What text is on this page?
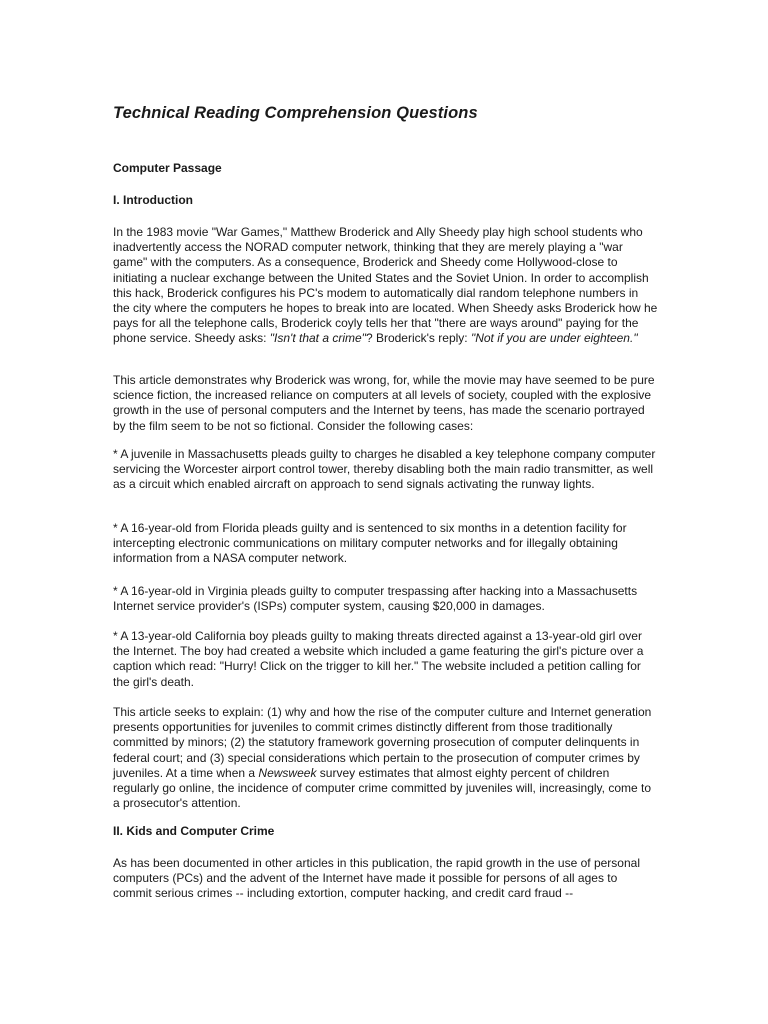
Technical Reading Comprehension Questions
Computer Passage
I. Introduction

In the 1983 movie "War Games," Matthew Broderick and Ally Sheedy play high school students who inadvertently access the NORAD computer network, thinking that they are merely playing a "war game" with the computers. As a consequence, Broderick and Sheedy come Hollywood-close to initiating a nuclear exchange between the United States and the Soviet Union. In order to accomplish this hack, Broderick configures his PC's modem to automatically dial random telephone numbers in the city where the computers he hopes to break into are located. When Sheedy asks Broderick how he pays for all the telephone calls, Broderick coyly tells her that "there are ways around" paying for the phone service. Sheedy asks: "Isn't that a crime"? Broderick's reply: "Not if you are under eighteen."

This article demonstrates why Broderick was wrong, for, while the movie may have seemed to be pure science fiction, the increased reliance on computers at all levels of society, coupled with the explosive growth in the use of personal computers and the Internet by teens, has made the scenario portrayed by the film seem to be not so fictional. Consider the following cases:

* A juvenile in Massachusetts pleads guilty to charges he disabled a key telephone company computer servicing the Worcester airport control tower, thereby disabling both the main radio transmitter, as well as a circuit which enabled aircraft on approach to send signals activating the runway lights.

* A 16-year-old from Florida pleads guilty and is sentenced to six months in a detention facility for intercepting electronic communications on military computer networks and for illegally obtaining information from a NASA computer network.

* A 16-year-old in Virginia pleads guilty to computer trespassing after hacking into a Massachusetts Internet service provider's (ISPs) computer system, causing $20,000 in damages.

* A 13-year-old California boy pleads guilty to making threats directed against a 13-year-old girl over the Internet. The boy had created a website which included a game featuring the girl's picture over a caption which read: "Hurry! Click on the trigger to kill her." The website included a petition calling for the girl's death.

This article seeks to explain: (1) why and how the rise of the computer culture and Internet generation presents opportunities for juveniles to commit crimes distinctly different from those traditionally committed by minors; (2) the statutory framework governing prosecution of computer delinquents in federal court; and (3) special considerations which pertain to the prosecution of computer crimes by juveniles. At a time when a Newsweek survey estimates that almost eighty percent of children regularly go online, the incidence of computer crime committed by juveniles will, increasingly, come to a prosecutor's attention.

II. Kids and Computer Crime

As has been documented in other articles in this publication, the rapid growth in the use of personal computers (PCs) and the advent of the Internet have made it possible for persons of all ages to commit serious crimes -- including extortion, computer hacking, and credit card fraud --
